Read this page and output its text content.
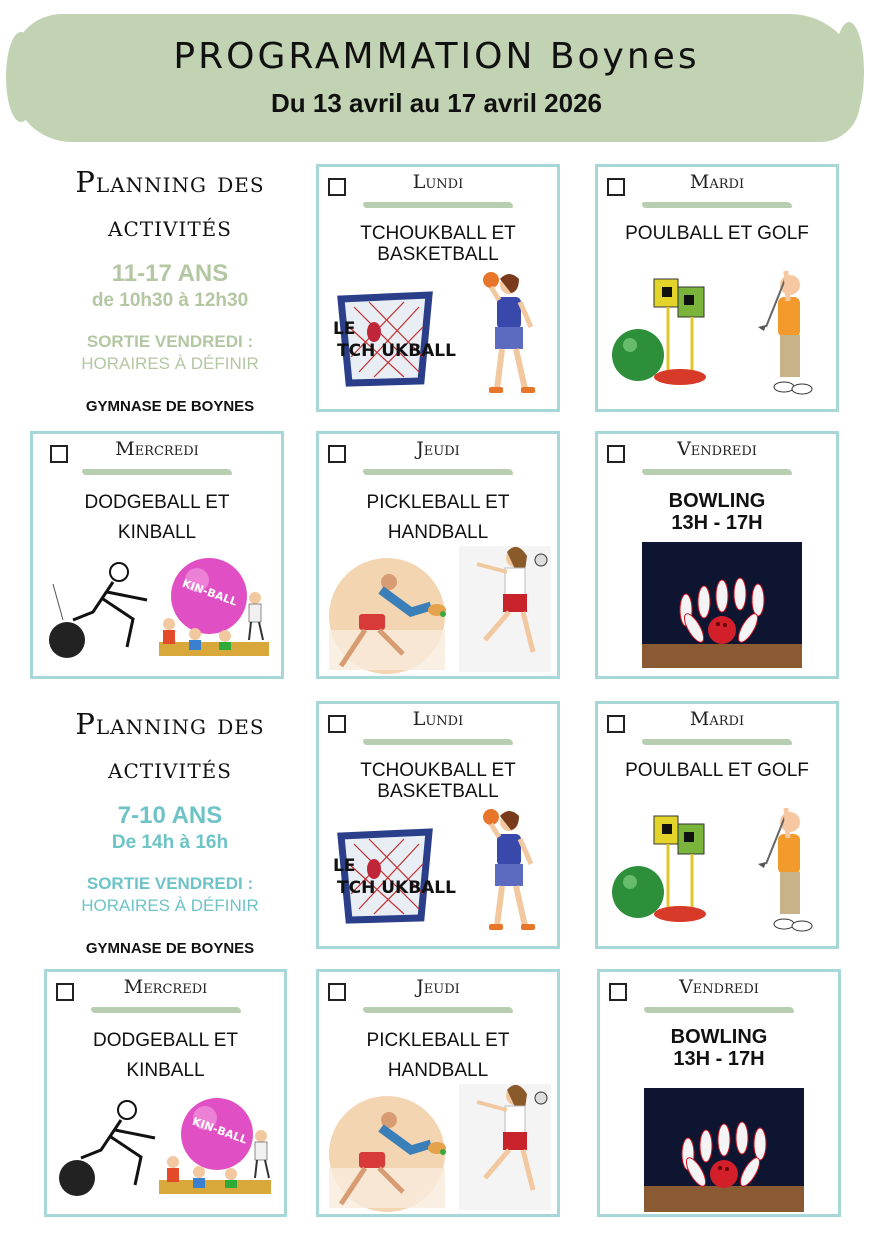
PROGRAMMATION Boynes
Du 13 avril au 17 avril 2026
Planning des
activités
11-17 ANS
de 10h30 à 12h30
SORTIE VENDREDI :
HORAIRES À DÉFINIR
GYMNASE DE BOYNES
Lundi
TCHOUKBALL ET BASKETBALL
LE
TCH UKBALL
Mardi
POULBALL ET GOLF
Mercredi
DODGEBALL ET
KINBALL
KIN-BALL
Jeudi
PICKLEBALL ET
HANDBALL
Vendredi
BOWLING
13H - 17H
Planning des
activités
7-10 ANS
De 14h à 16h
SORTIE VENDREDI :
HORAIRES À DÉFINIR
GYMNASE DE BOYNES
Lundi
TCHOUKBALL ET BASKETBALL
LE
TCH UKBALL
Mardi
POULBALL ET GOLF
Mercredi
DODGEBALL ET
KINBALL
KIN-BALL
Jeudi
PICKLEBALL ET
HANDBALL
Vendredi
BOWLING
13H - 17H
